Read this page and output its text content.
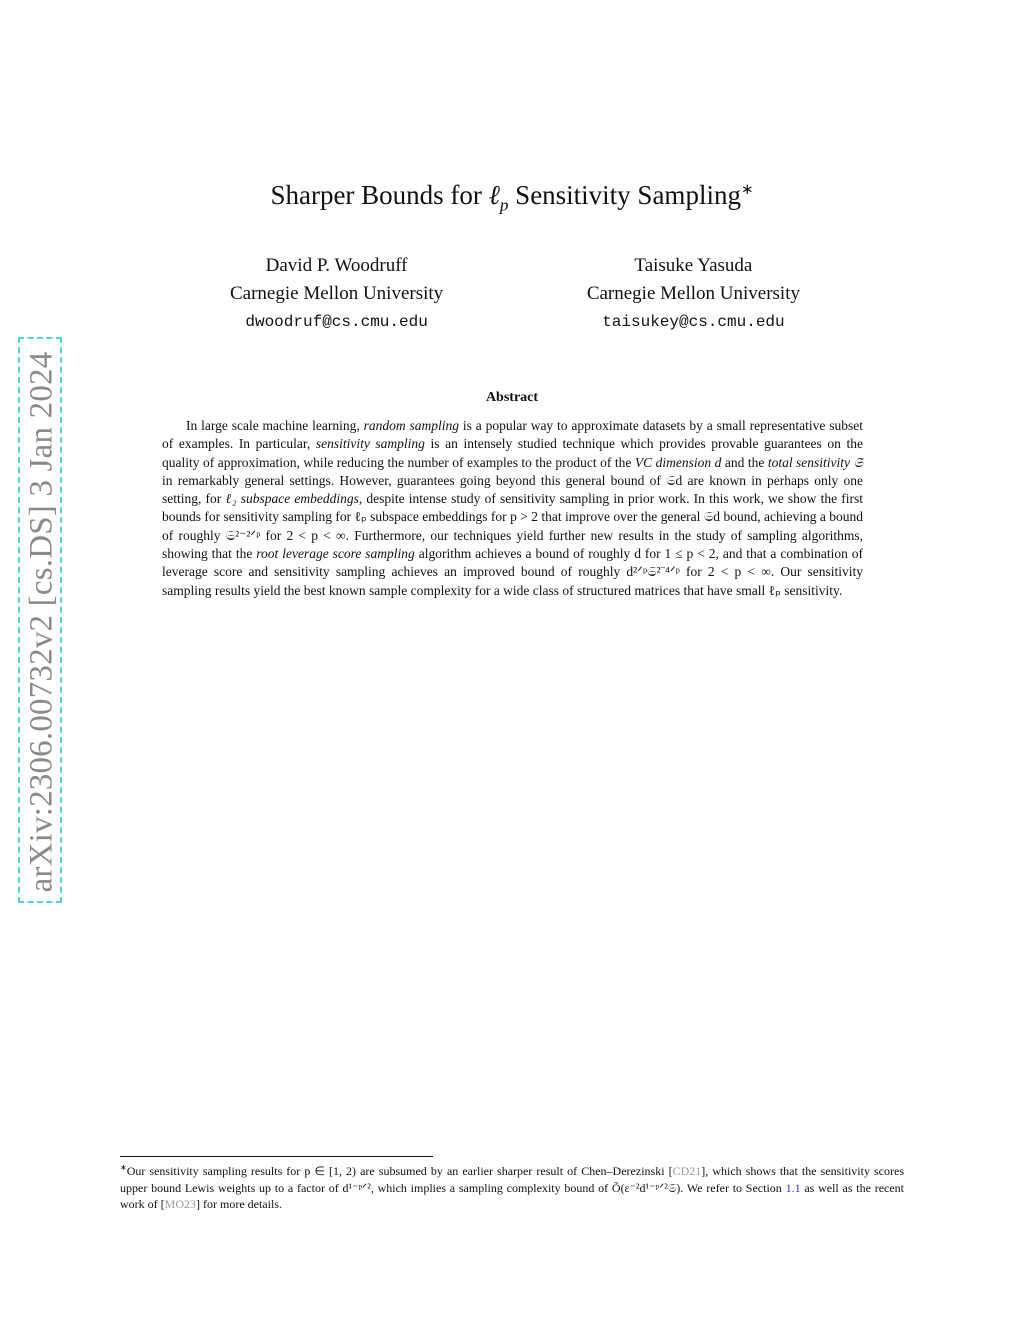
arXiv:2306.00732v2 [cs.DS] 3 Jan 2024
Sharper Bounds for ℓ$_p$ Sensitivity Sampling∗
David P. Woodruff
Carnegie Mellon University
dwoodruf@cs.cmu.edu
Taisuke Yasuda
Carnegie Mellon University
taisukey@cs.cmu.edu
Abstract
In large scale machine learning, random sampling is a popular way to approximate datasets by a small representative subset of examples. In particular, sensitivity sampling is an intensely studied technique which provides provable guarantees on the quality of approximation, while reducing the number of examples to the product of the VC dimension d and the total sensitivity 𝔖 in remarkably general settings. However, guarantees going beyond this general bound of 𝔖d are known in perhaps only one setting, for ℓ₂ subspace embeddings, despite intense study of sensitivity sampling in prior work. In this work, we show the first bounds for sensitivity sampling for ℓₚ subspace embeddings for p > 2 that improve over the general 𝔖d bound, achieving a bound of roughly 𝔖²⁻²ᐟᵖ for 2 < p < ∞. Furthermore, our techniques yield further new results in the study of sampling algorithms, showing that the root leverage score sampling algorithm achieves a bound of roughly d for 1 ≤ p < 2, and that a combination of leverage score and sensitivity sampling achieves an improved bound of roughly d²ᐟᵖ𝔖²⁻⁴ᐟᵖ for 2 < p < ∞. Our sensitivity sampling results yield the best known sample complexity for a wide class of structured matrices that have small ℓₚ sensitivity.
∗Our sensitivity sampling results for p ∈ [1, 2) are subsumed by an earlier sharper result of Chen–Derezinski [CD21], which shows that the sensitivity scores upper bound Lewis weights up to a factor of d¹⁻ᵖᐟ², which implies a sampling complexity bound of Õ(ε⁻²d¹⁻ᵖᐟ²𝔖). We refer to Section 1.1 as well as the recent work of [MO23] for more details.
